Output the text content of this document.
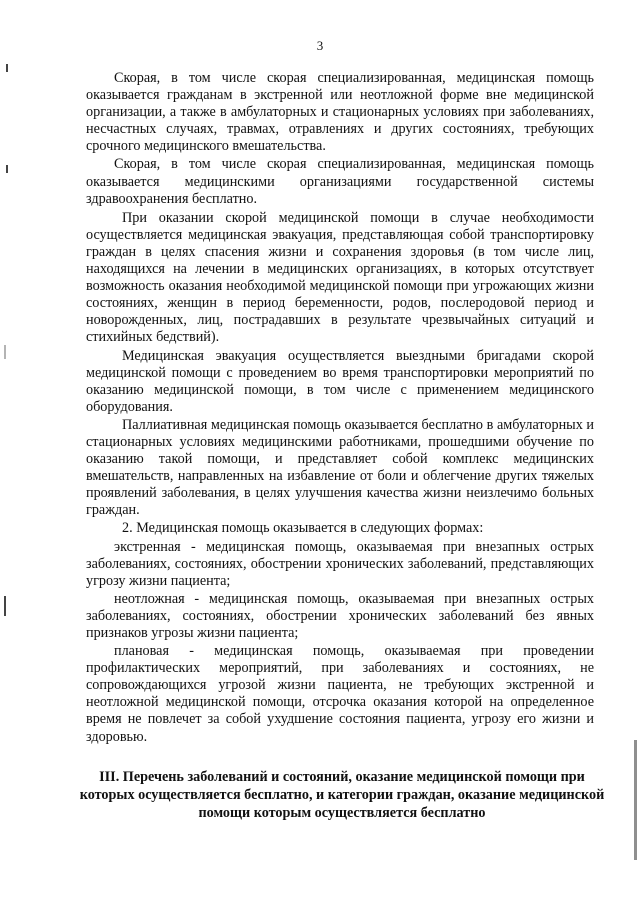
3

Скорая, в том числе скорая специализированная, медицинская помощь оказывается гражданам в экстренной или неотложной форме вне медицинской организации, а также в амбулаторных и стационарных условиях при заболеваниях, несчастных случаях, травмах, отравлениях и других состояниях, требующих срочного медицинского вмешательства.

Скорая, в том числе скорая специализированная, медицинская помощь оказывается медицинскими организациями государственной системы здравоохранения бесплатно.

При оказании скорой медицинской помощи в случае необходимости осуществляется медицинская эвакуация, представляющая собой транспортировку граждан в целях спасения жизни и сохранения здоровья (в том числе лиц, находящихся на лечении в медицинских организациях, в которых отсутствует возможность оказания необходимой медицинской помощи при угрожающих жизни состояниях, женщин в период беременности, родов, послеродовой период и новорожденных, лиц, пострадавших в результате чрезвычайных ситуаций и стихийных бедствий).

Медицинская эвакуация осуществляется выездными бригадами скорой медицинской помощи с проведением во время транспортировки мероприятий по оказанию медицинской помощи, в том числе с применением медицинского оборудования.

Паллиативная медицинская помощь оказывается бесплатно в амбулаторных и стационарных условиях медицинскими работниками, прошедшими обучение по оказанию такой помощи, и представляет собой комплекс медицинских вмешательств, направленных на избавление от боли и облегчение других тяжелых проявлений заболевания, в целях улучшения качества жизни неизлечимо больных граждан.

2. Медицинская помощь оказывается в следующих формах:

экстренная - медицинская помощь, оказываемая при внезапных острых заболеваниях, состояниях, обострении хронических заболеваний, представляющих угрозу жизни пациента;

неотложная - медицинская помощь, оказываемая при внезапных острых заболеваниях, состояниях, обострении хронических заболеваний без явных признаков угрозы жизни пациента;

плановая - медицинская помощь, оказываемая при проведении профилактических мероприятий, при заболеваниях и состояниях, не сопровождающихся угрозой жизни пациента, не требующих экстренной и неотложной медицинской помощи, отсрочка оказания которой на определенное время не повлечет за собой ухудшение состояния пациента, угрозу его жизни и здоровью.

III. Перечень заболеваний и состояний, оказание медицинской помощи при которых осуществляется бесплатно, и категории граждан, оказание медицинской помощи которым осуществляется бесплатно
